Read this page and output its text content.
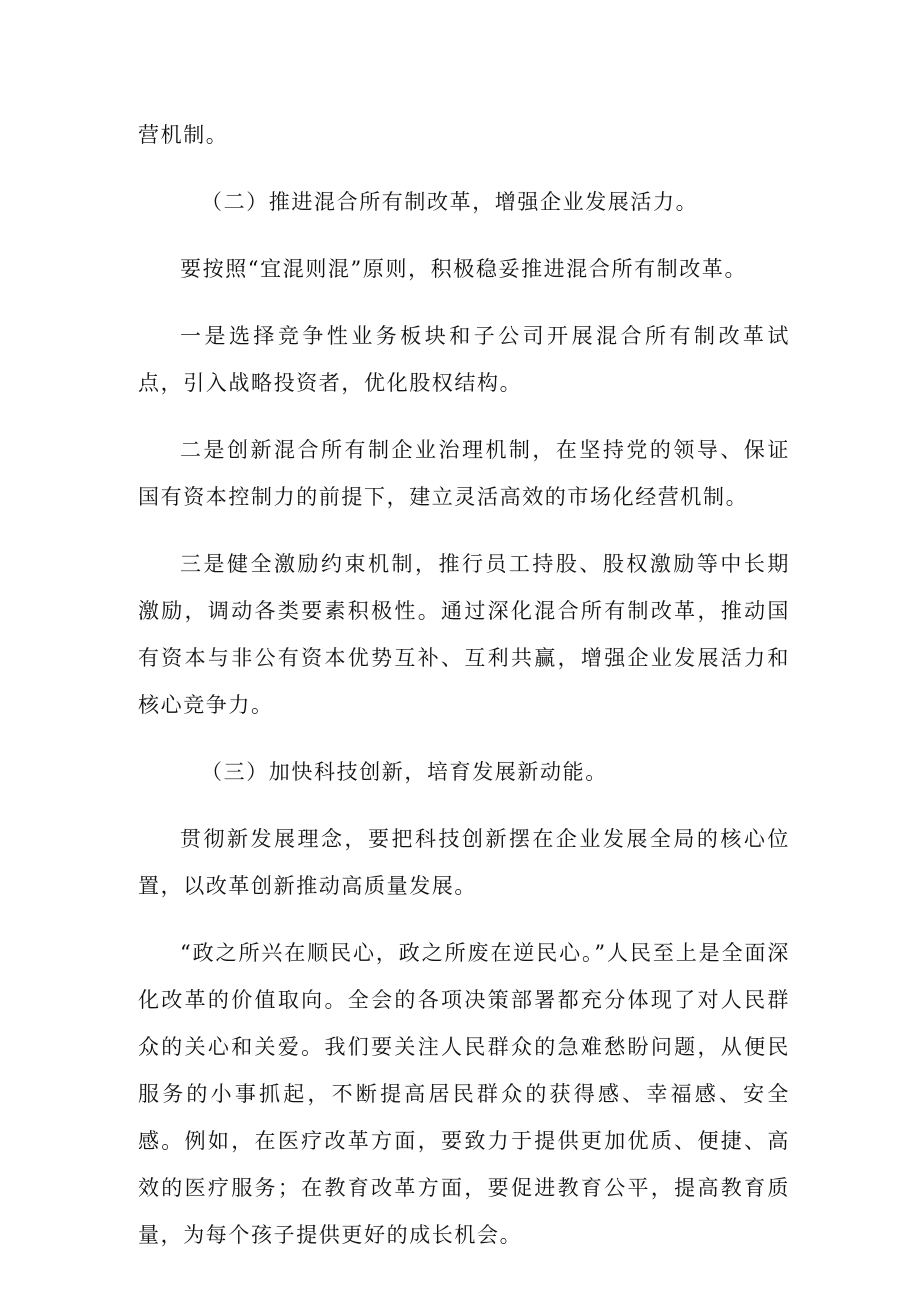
营机制。

（二）推进混合所有制改革，增强企业发展活力。

要按照“宜混则混”原则，积极稳妥推进混合所有制改革。

一是选择竞争性业务板块和子公司开展混合所有制改革试点，引入战略投资者，优化股权结构。

二是创新混合所有制企业治理机制，在坚持党的领导、保证国有资本控制力的前提下，建立灵活高效的市场化经营机制。

三是健全激励约束机制，推行员工持股、股权激励等中长期激励，调动各类要素积极性。通过深化混合所有制改革，推动国有资本与非公有资本优势互补、互利共赢，增强企业发展活力和核心竞争力。

（三）加快科技创新，培育发展新动能。

贯彻新发展理念，要把科技创新摆在企业发展全局的核心位置，以改革创新推动高质量发展。

“政之所兴在顺民心，政之所废在逆民心。”人民至上是全面深化改革的价值取向。全会的各项决策部署都充分体现了对人民群众的关心和关爱。我们要关注人民群众的急难愁盼问题，从便民服务的小事抓起，不断提高居民群众的获得感、幸福感、安全感。例如，在医疗改革方面，要致力于提供更加优质、便捷、高效的医疗服务；在教育改革方面，要促进教育公平，提高教育质量，为每个孩子提供更好的成长机会。
